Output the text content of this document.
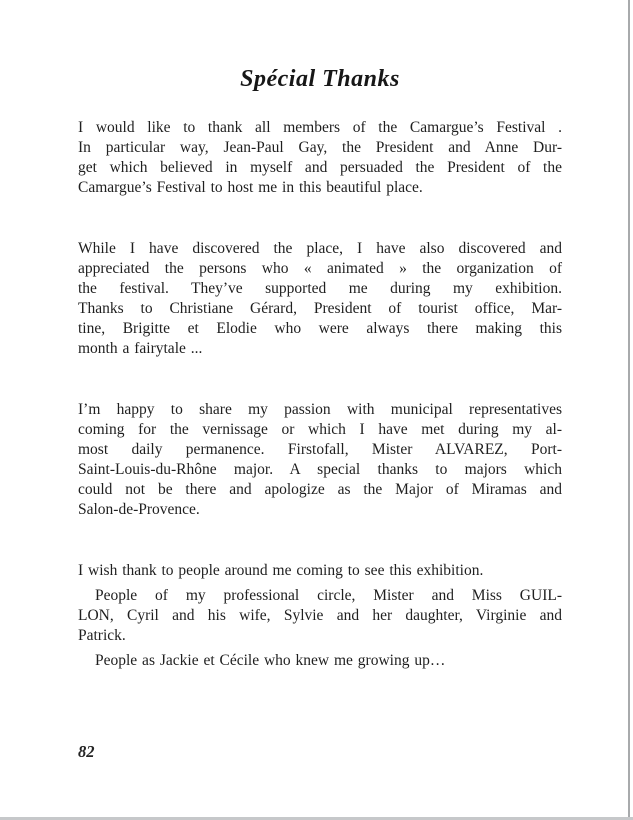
Spécial Thanks
I would like to thank all members of the Camargue’s Festival .
In particular way, Jean-Paul Gay, the President and Anne Dur-
get which believed in myself and persuaded the President of the
Camargue’s Festival to host me in this beautiful place.
While I have discovered the place, I have also discovered and
appreciated the persons who « animated » the organization of
the festival. They’ve supported me during my exhibition.
Thanks to Christiane Gérard, President of tourist office, Mar-
tine, Brigitte et Elodie who were always there making this
month a fairytale ...
I’m happy to share my passion with municipal representatives
coming for the vernissage or which I have met during my al-
most daily permanence. Firstofall, Mister ALVAREZ, Port-
Saint-Louis-du-Rhône major. A special thanks to majors which
could not be there and apologize as the Major of Miramas and
Salon-de-Provence.
I wish thank to people around me coming to see this exhibition.
People of my professional circle, Mister and Miss GUIL-
LON, Cyril and his wife, Sylvie and her daughter, Virginie and
Patrick.
People as Jackie et Cécile who knew me growing up…
82
